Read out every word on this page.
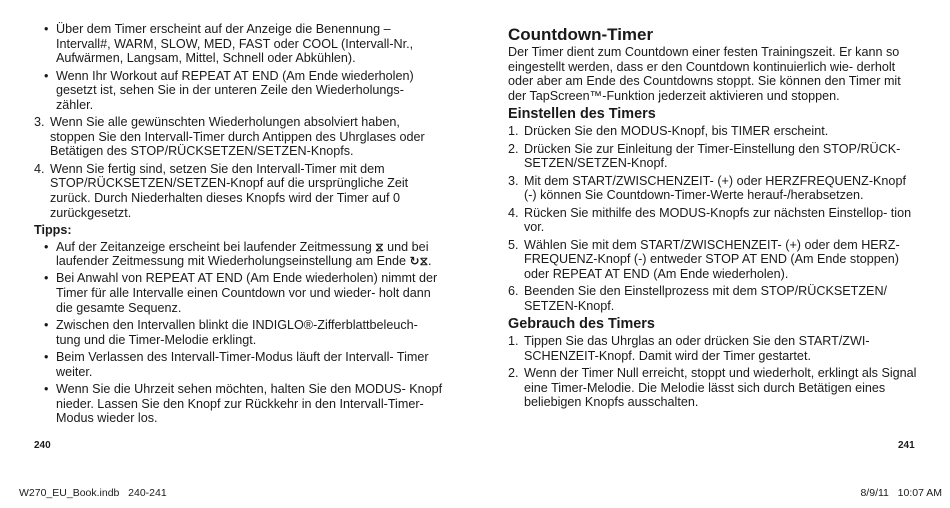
• Über dem Timer erscheint auf der Anzeige die Benennung – Intervall#, WARM, SLOW, MED, FAST oder COOL (Intervall-Nr., Aufwärmen, Langsam, Mittel, Schnell oder Abkühlen).
• Wenn Ihr Workout auf REPEAT AT END (Am Ende wiederholen) gesetzt ist, sehen Sie in der unteren Zeile den Wiederholungs- zähler.
3. Wenn Sie alle gewünschten Wiederholungen absolviert haben, stoppen Sie den Intervall-Timer durch Antippen des Uhrglases oder Betätigen des STOP/RÜCKSETZEN/SETZEN-Knopfs.
4. Wenn Sie fertig sind, setzen Sie den Intervall-Timer mit dem STOP/RÜCKSETZEN/SETZEN-Knopf auf die ursprüngliche Zeit zurück. Durch Niederhalten dieses Knopfs wird der Timer auf 0 zurückgesetzt.
Tipps:
• Auf der Zeitanzeige erscheint bei laufender Zeitmessung ⧖ und bei laufender Zeitmessung mit Wiederholungseinstellung am Ende ↻⧖.
• Bei Anwahl von REPEAT AT END (Am Ende wiederholen) nimmt der Timer für alle Intervalle einen Countdown vor und wieder- holt dann die gesamte Sequenz.
• Zwischen den Intervallen blinkt die INDIGLO®-Zifferblattbeleuch- tung und die Timer-Melodie erklingt.
• Beim Verlassen des Intervall-Timer-Modus läuft der Intervall- Timer weiter.
• Wenn Sie die Uhrzeit sehen möchten, halten Sie den MODUS- Knopf nieder. Lassen Sie den Knopf zur Rückkehr in den Intervall-Timer-Modus wieder los.
240
Countdown-Timer
Der Timer dient zum Countdown einer festen Trainingszeit. Er kann so eingestellt werden, dass er den Countdown kontinuierlich wie- derholt oder aber am Ende des Countdowns stoppt. Sie können den Timer mit der TapScreen™-Funktion jederzeit aktivieren und stoppen.
Einstellen des Timers
1. Drücken Sie den MODUS-Knopf, bis TIMER erscheint.
2. Drücken Sie zur Einleitung der Timer-Einstellung den STOP/RÜCK- SETZEN/SETZEN-Knopf.
3. Mit dem START/ZWISCHENZEIT- (+) oder HERZFREQUENZ-Knopf (-) können Sie Countdown-Timer-Werte herauf-/herabsetzen.
4. Rücken Sie mithilfe des MODUS-Knopfs zur nächsten Einstellop- tion vor.
5. Wählen Sie mit dem START/ZWISCHENZEIT- (+) oder dem HERZ- FREQUENZ-Knopf (-) entweder STOP AT END (Am Ende stoppen) oder REPEAT AT END (Am Ende wiederholen).
6. Beenden Sie den Einstellprozess mit dem STOP/RÜCKSETZEN/ SETZEN-Knopf.
Gebrauch des Timers
1. Tippen Sie das Uhrglas an oder drücken Sie den START/ZWI- SCHENZEIT-Knopf. Damit wird der Timer gestartet.
2. Wenn der Timer Null erreicht, stoppt und wiederholt, erklingt als Signal eine Timer-Melodie. Die Melodie lässt sich durch Betätigen eines beliebigen Knopfs ausschalten.
241
W270_EU_Book.indb   240-241	8/9/11   10:07 AM
